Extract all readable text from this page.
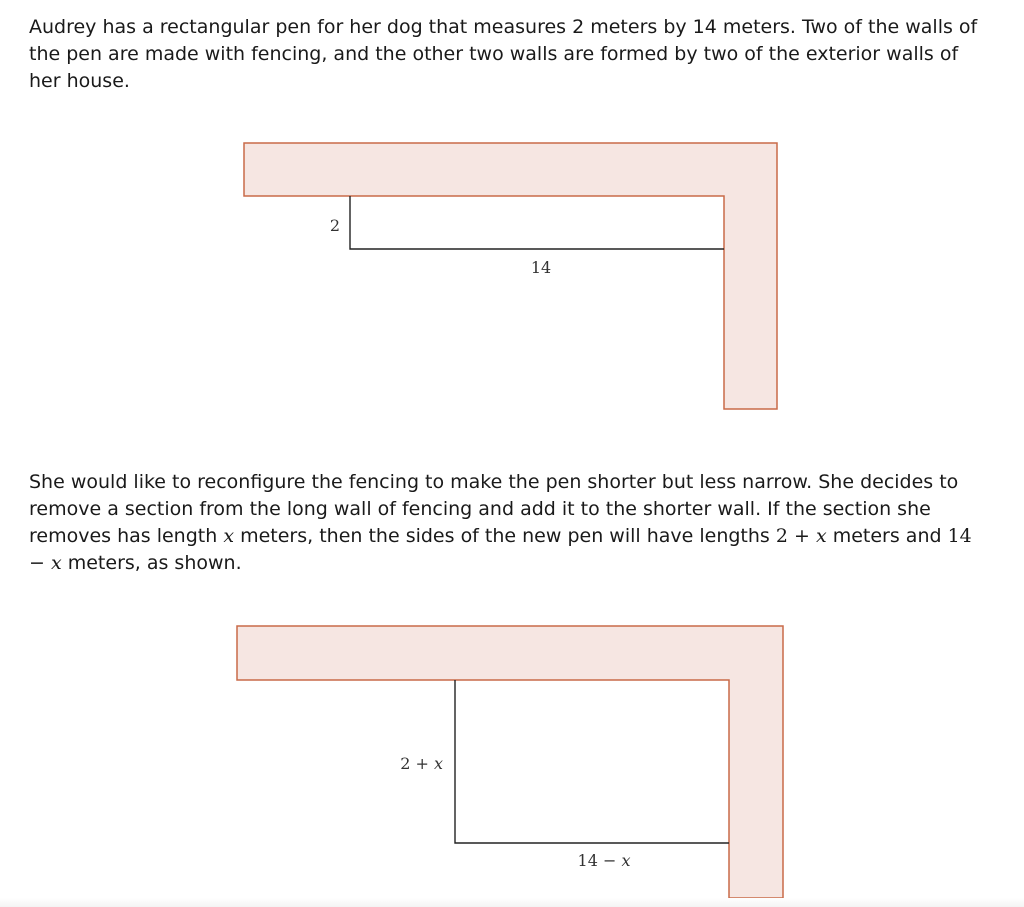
Audrey has a rectangular pen for her dog that measures 2 meters by 14 meters. Two of the walls of the pen are made with fencing, and the other two walls are formed by two of the exterior walls of her house.

2
14

She would like to reconfigure the fencing to make the pen shorter but less narrow. She decides to remove a section from the long wall of fencing and add it to the shorter wall. If the section she removes has length x meters, then the sides of the new pen will have lengths 2 + x meters and 14 − x meters, as shown.

2 + x
14 − x
